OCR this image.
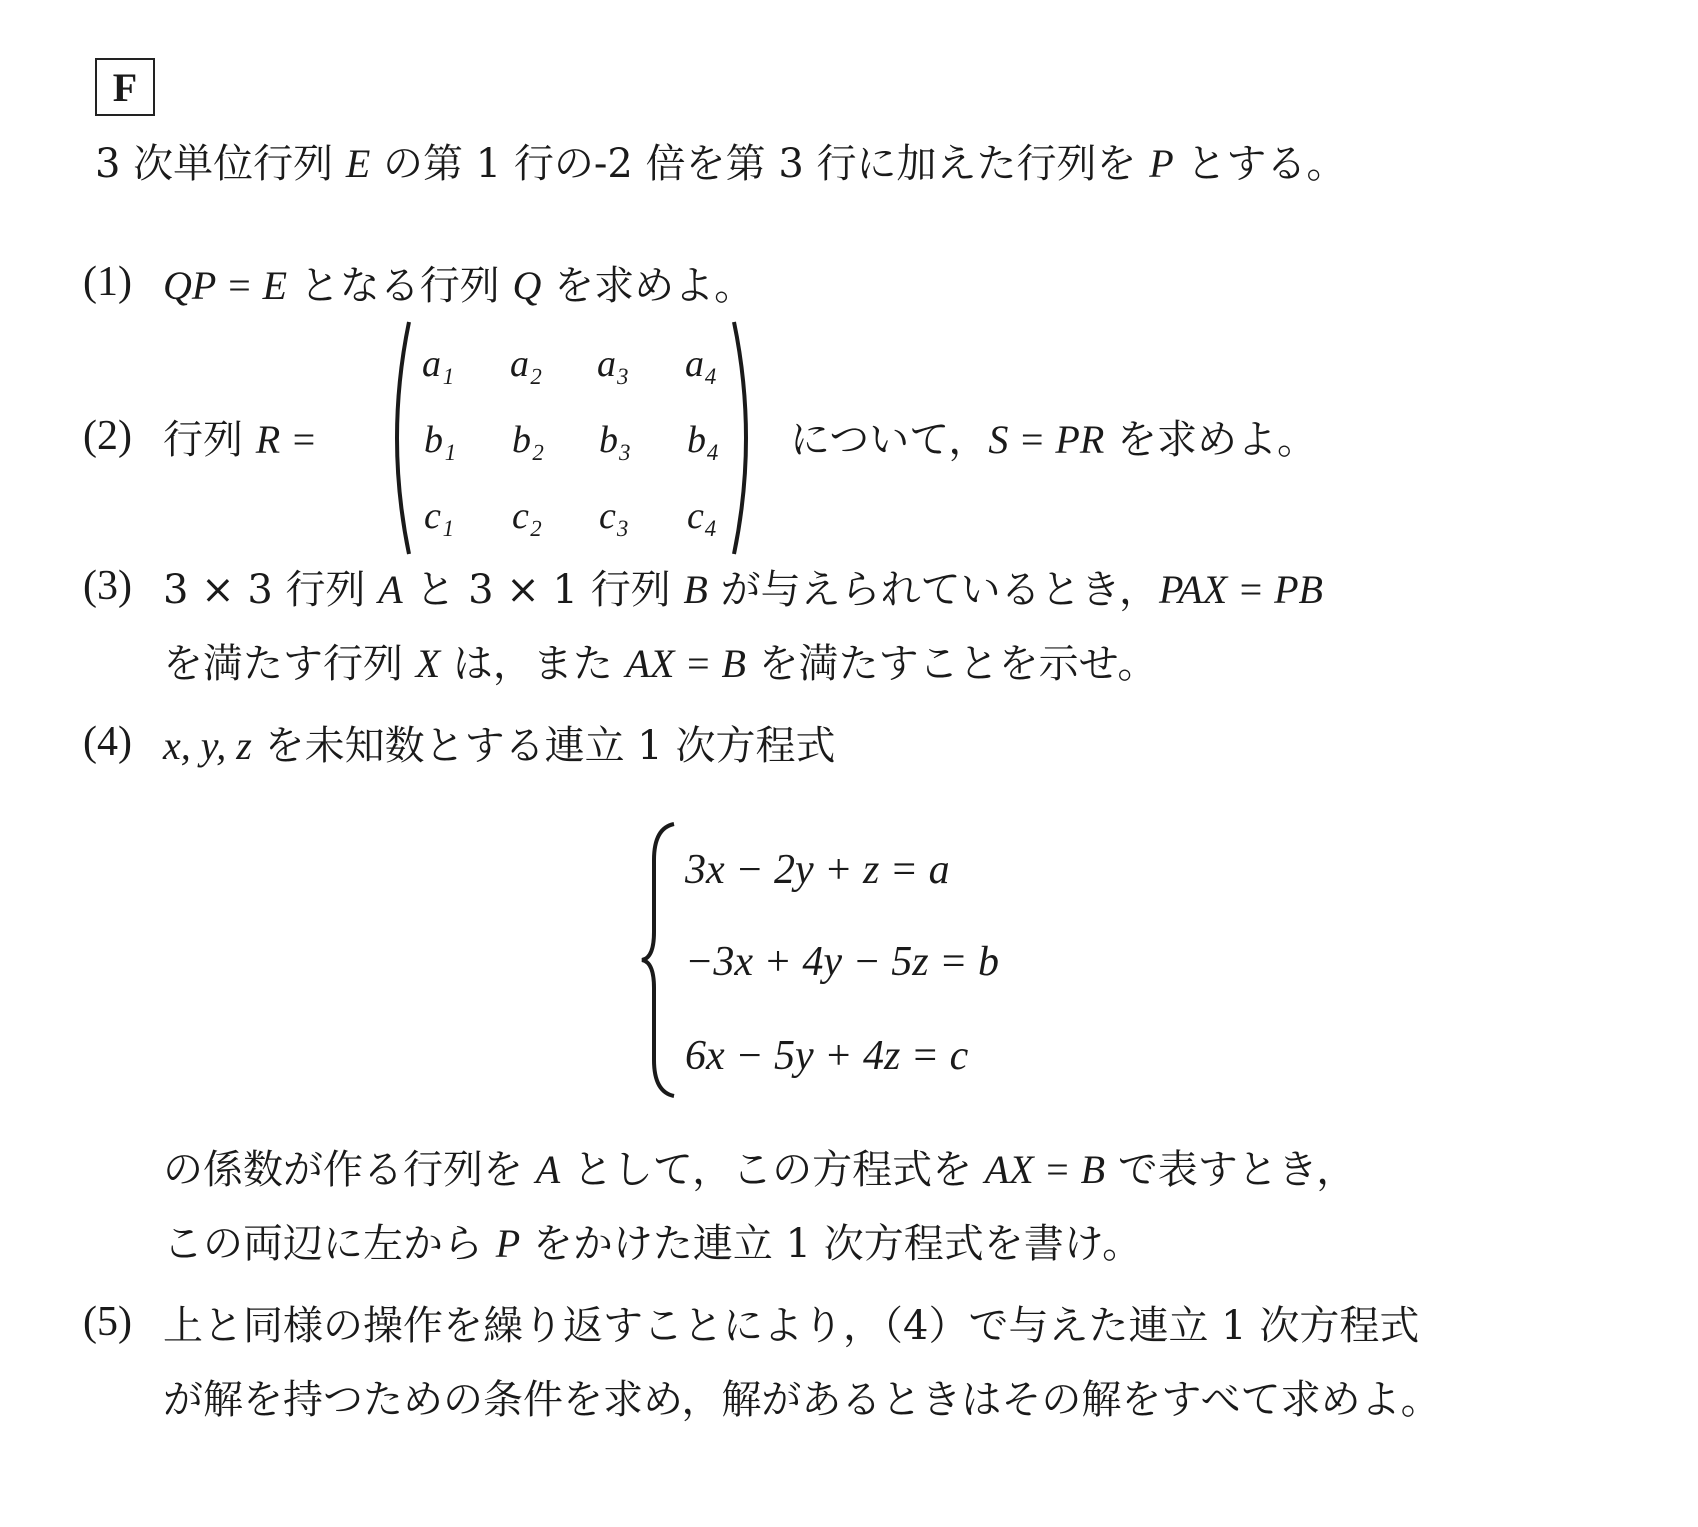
F
3 次単位行列 E の第 1 行の-2 倍を第 3 行に加えた行列を P とする。
(1) QP = E となる行列 Q を求めよ。
(2) 行列 R =
a₁ a₂ a₃ a₄
b₁ b₂ b₃ b₄
c₁ c₂ c₃ c₄
について，S = PR を求めよ。
(3) 3 × 3 行列 A と 3 × 1 行列 B が与えられているとき，PAX = PB
を満たす行列 X は，また AX = B を満たすことを示せ。
(4) x, y, z を未知数とする連立 1 次方程式
3x − 2y + z = a
−3x + 4y − 5z = b
6x − 5y + 4z = c
の係数が作る行列を A として，この方程式を AX = B で表すとき，
この両辺に左から P をかけた連立 1 次方程式を書け。
(5) 上と同様の操作を繰り返すことにより，（4）で与えた連立 1 次方程式
が解を持つための条件を求め，解があるときはその解をすべて求めよ。
